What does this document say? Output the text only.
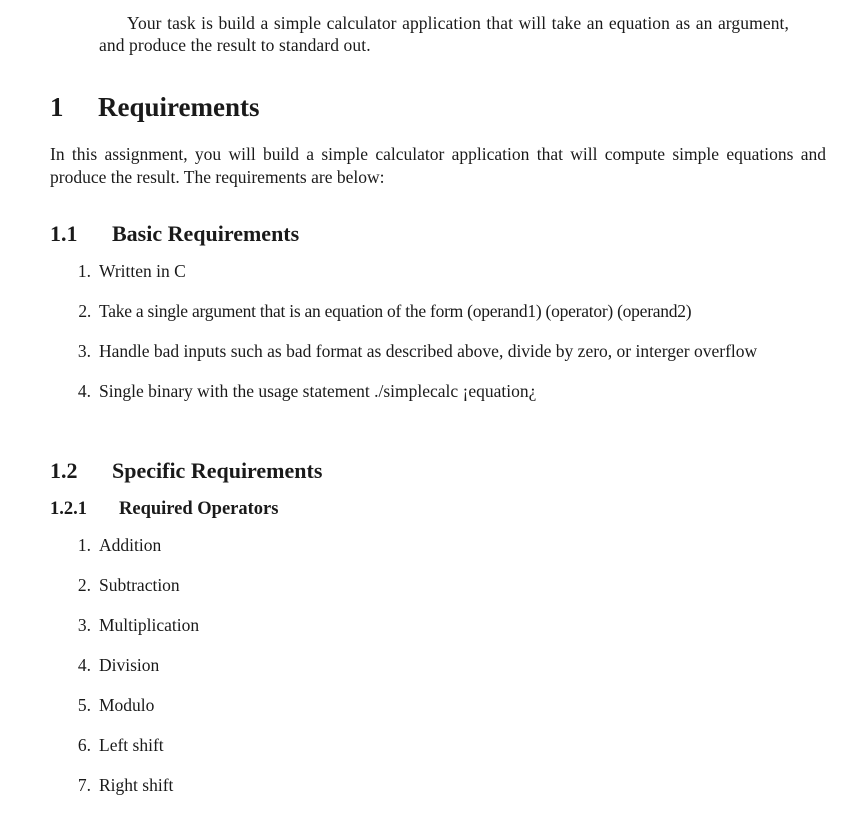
Your task is build a simple calculator application that will take an equation as an argument, and produce the result to standard out.

1 Requirements

In this assignment, you will build a simple calculator application that will compute simple equations and produce the result. The requirements are below:

1.1 Basic Requirements
1. Written in C
2. Take a single argument that is an equation of the form (operand1) (operator) (operand2)
3. Handle bad inputs such as bad format as described above, divide by zero, or interger overflow
4. Single binary with the usage statement ./simplecalc ¡equation¿
1.2 Specific Requirements
1.2.1 Required Operators
1. Addition
2. Subtraction
3. Multiplication
4. Division
5. Modulo
6. Left shift
7. Right shift
